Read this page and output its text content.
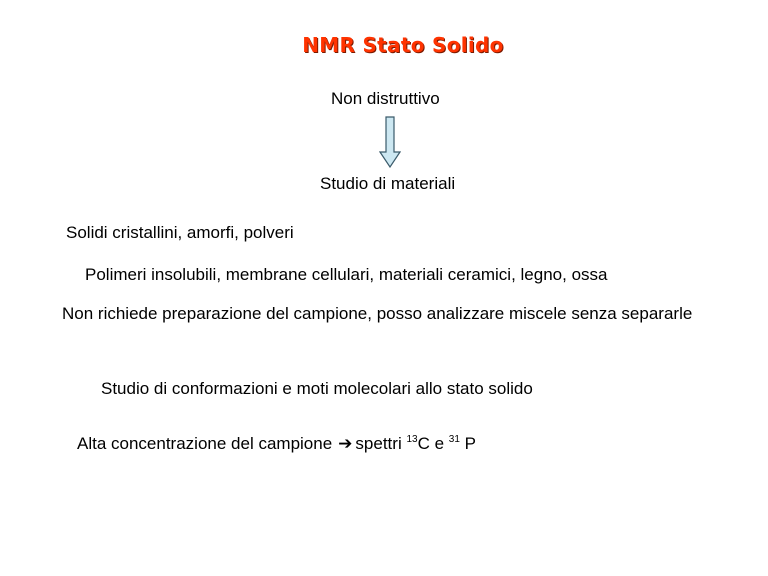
NMR Stato Solido
Non distruttivo
Studio di materiali
Solidi cristallini, amorfi, polveri
Polimeri insolubili, membrane cellulari, materiali ceramici, legno, ossa
Non richiede preparazione del campione, posso analizzare miscele senza separarle
Studio di conformazioni e moti molecolari allo stato solido
Alta concentrazione del campione ➔ spettri $^{13}$C e $^{31}$ P
